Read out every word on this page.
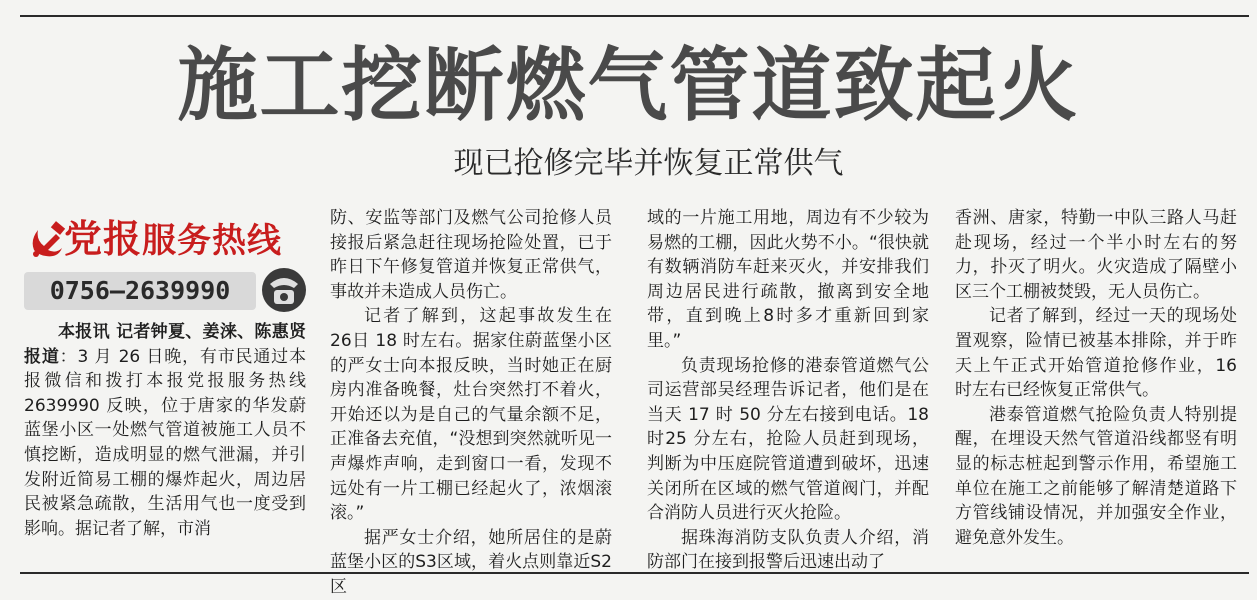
施工挖断燃气管道致起火
现已抢修完毕并恢复正常供气
党报服务热线
0756—2639990

本报讯 记者钟夏、姜涞、陈惠贤报道：3 月 26 日晚，有市民通过本报微信和拨打本报党报服务热线2639990 反映，位于唐家的华发蔚蓝堡小区一处燃气管道被施工人员不慎挖断，造成明显的燃气泄漏，并引发附近简易工棚的爆炸起火，周边居民被紧急疏散，生活用气也一度受到影响。据记者了解，市消

防、安监等部门及燃气公司抢修人员接报后紧急赶往现场抢险处置，已于昨日下午修复管道并恢复正常供气，事故并未造成人员伤亡。

记者了解到，这起事故发生在 26日 18 时左右。据家住蔚蓝堡小区的严女士向本报反映，当时她正在厨房内准备晚餐，灶台突然打不着火，开始还以为是自己的气量余额不足，正准备去充值，“没想到突然就听见一声爆炸声响，走到窗口一看，发现不远处有一片工棚已经起火了，浓烟滚滚。”

据严女士介绍，她所居住的是蔚蓝堡小区的S3区域，着火点则靠近S2区

域的一片施工用地，周边有不少较为易燃的工棚，因此火势不小。“很快就有数辆消防车赶来灭火，并安排我们周边居民进行疏散，撤离到安全地带，直到晚上8时多才重新回到家里。”

负责现场抢修的港泰管道燃气公司运营部吴经理告诉记者，他们是在当天 17 时 50 分左右接到电话。18时25 分左右，抢险人员赶到现场，判断为中压庭院管道遭到破坏，迅速关闭所在区域的燃气管道阀门，并配合消防人员进行灭火抢险。

据珠海消防支队负责人介绍，消防部门在接到报警后迅速出动了

香洲、唐家，特勤一中队三路人马赶赴现场，经过一个半小时左右的努力，扑灭了明火。火灾造成了隔壁小区三个工棚被焚毁，无人员伤亡。

记者了解到，经过一天的现场处置观察，险情已被基本排除，并于昨天上午正式开始管道抢修作业，16 时左右已经恢复正常供气。

港泰管道燃气抢险负责人特别提醒，在埋设天然气管道沿线都竖有明显的标志桩起到警示作用，希望施工单位在施工之前能够了解清楚道路下方管线铺设情况，并加强安全作业，避免意外发生。
